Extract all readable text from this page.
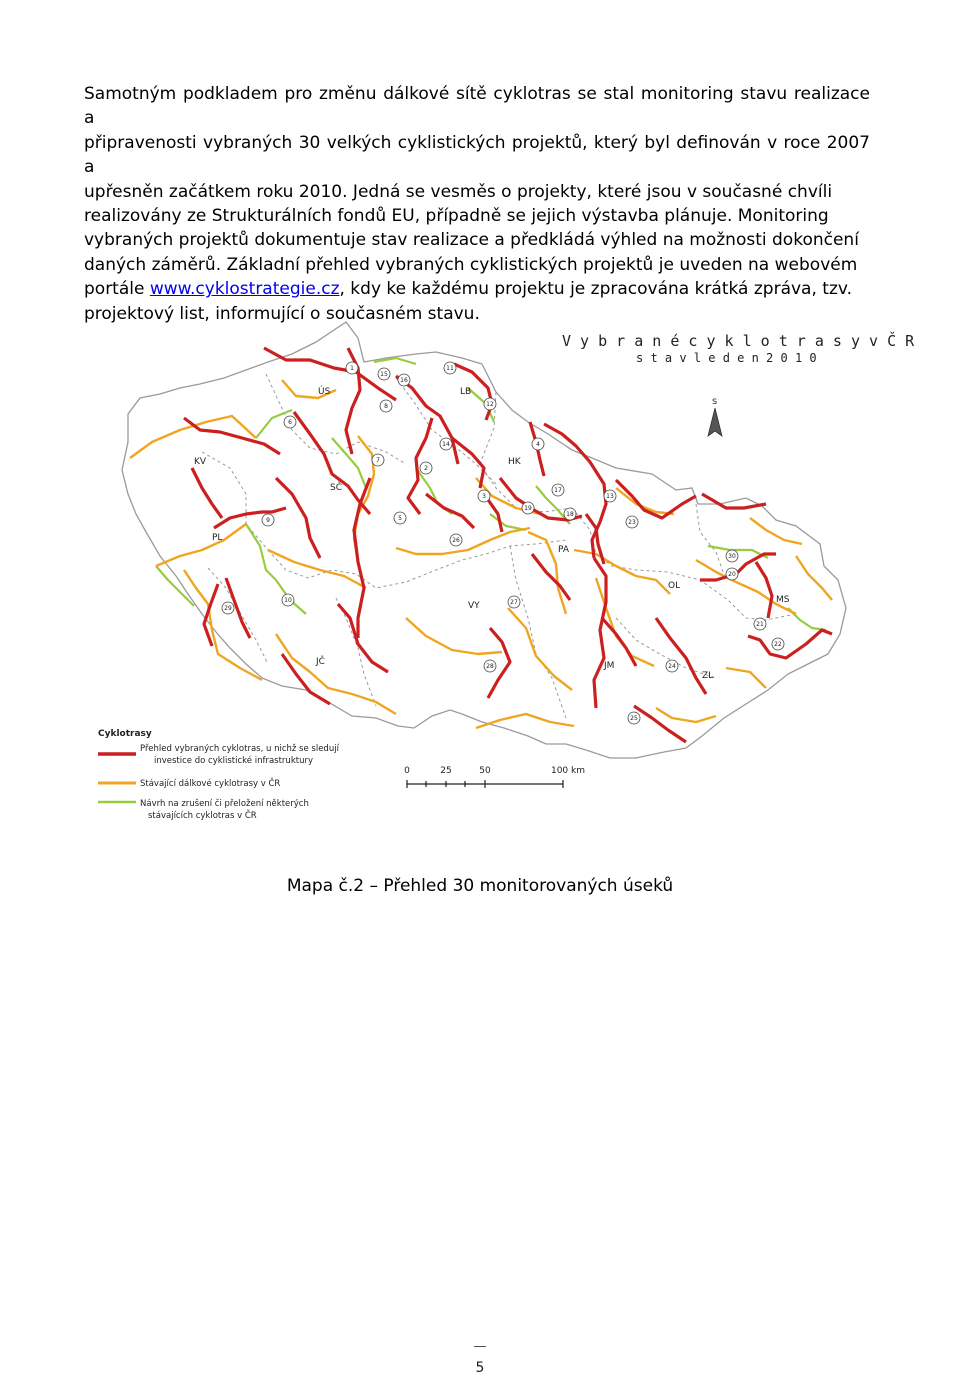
Samotným podkladem pro změnu dálkové sítě cyklotras se stal monitoring stavu realizace a
připravenosti vybraných 30 velkých cyklistických projektů, který byl definován v roce 2007 a
upřesněn začátkem roku 2010. Jedná se vesměs o projekty, které jsou v současné chvíli
realizovány ze Strukturálních fondů EU, případně se jejich výstavba plánuje. Monitoring
vybraných projektů dokumentuje stav realizace a předkládá výhled na možnosti dokončení
daných záměrů. Základní přehled vybraných cyklistických projektů je uveden na webovém
portále www.cyklostrategie.cz, kdy ke každému projektu je zpracována krátká zpráva, tzv.
projektový list, informující o současném stavu.
V y b r a n é c y k l o t r a s y v Č R
s t a v l e d e n 2 0 1 0
s
1
2
3
4
5
6
7
8
9
10
11
12
13
14
15
16
17
18
19
20
21
22
23
24
25
26
27
28
29
30
ÚS	LB
KV	HK
SČ
PL
PA
OL
MS
VY
JČ	JM
ZL
Cyklotrasy
Přehled vybraných cyklotras, u nichž se sledují
investice do cyklistické infrastruktury
Stávající dálkové cyklotrasy v ČR
Návrh na zrušení či přeložení některých
stávajících cyklotras v ČR
0	25	50	100 km
Mapa č.2 – Přehled 30 monitorovaných úseků
5
